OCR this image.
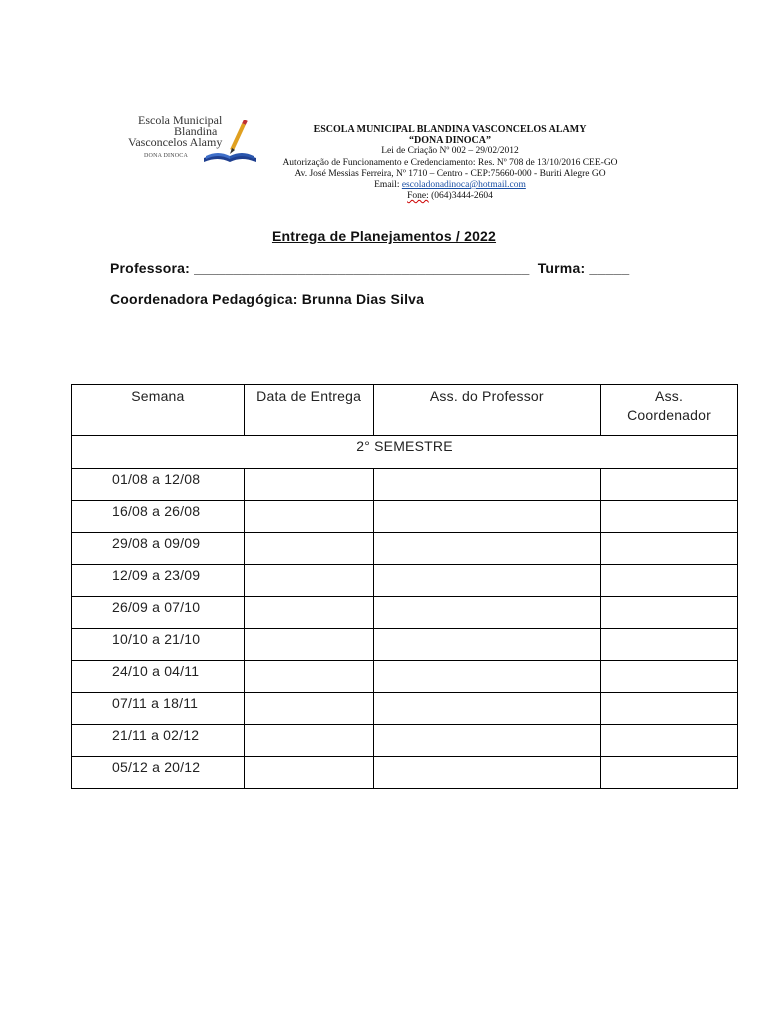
Escola Municipal
Blandina
Vasconcelos Alamy
DONA DINOCA
ESCOLA MUNICIPAL BLANDINA VASCONCELOS ALAMY
“DONA DINOCA”
Lei de Criação Nº 002 – 29/02/2012
Autorização de Funcionamento e Credenciamento: Res. Nº 708 de 13/10/2016 CEE-GO
Av. José Messias Ferreira, Nº 1710 – Centro - CEP:75660-000 - Buriti Alegre GO
Email: escoladonadinoca@hotmail.com
Fone: (064)3444-2604
Entrega de Planejamentos / 2022
Professora: __________________________________________  Turma: _____
Coordenadora Pedagógica: Brunna Dias Silva
Semana	Data de Entrega	Ass. do Professor	Ass.
Coordenador
2° SEMESTRE			
01/08 a 12/08			
16/08 a 26/08			
29/08 a 09/09			
12/09 a 23/09			
26/09 a 07/10			
10/10 a 21/10			
24/10 a 04/11			
07/11 a 18/11			
21/11 a 02/12			
05/12 a 20/12			
